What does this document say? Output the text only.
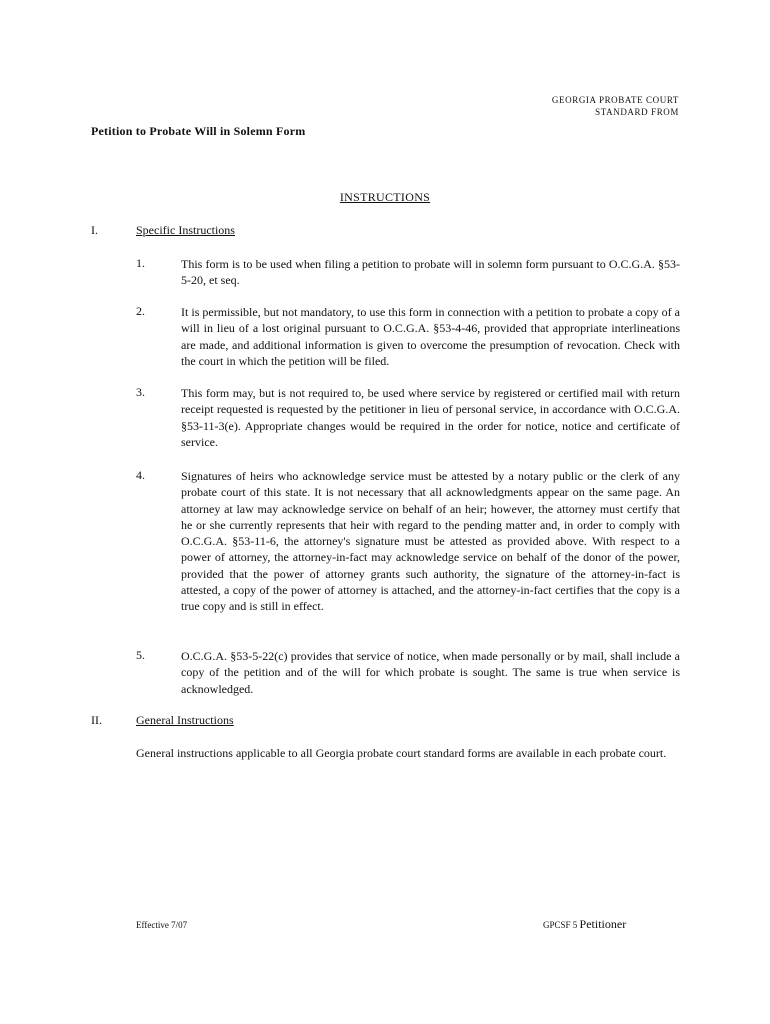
GEORGIA PROBATE COURT
STANDARD FROM
Petition to Probate Will in Solemn Form
INSTRUCTIONS
I.	Specific Instructions
1.	This form is to be used when filing a petition to probate will in solemn form pursuant to O.C.G.A. §53-5-20, et seq.
2.	It is permissible, but not mandatory, to use this form in connection with a petition to probate a copy of a will in lieu of a lost original pursuant to O.C.G.A. §53-4-46, provided that appropriate interlineations are made, and additional information is given to overcome the presumption of revocation. Check with the court in which the petition will be filed.
3.	This form may, but is not required to, be used where service by registered or certified mail with return receipt requested is requested by the petitioner in lieu of personal service, in accordance with O.C.G.A. §53-11-3(e). Appropriate changes would be required in the order for notice, notice and certificate of service.
4.	Signatures of heirs who acknowledge service must be attested by a notary public or the clerk of any probate court of this state. It is not necessary that all acknowledgments appear on the same page. An attorney at law may acknowledge service on behalf of an heir; however, the attorney must certify that he or she currently represents that heir with regard to the pending matter and, in order to comply with O.C.G.A. §53-11-6, the attorney's signature must be attested as provided above. With respect to a power of attorney, the attorney-in-fact may acknowledge service on behalf of the donor of the power, provided that the power of attorney grants such authority, the signature of the attorney-in-fact is attested, a copy of the power of attorney is attached, and the attorney-in-fact certifies that the copy is a true copy and is still in effect.
5.	O.C.G.A. §53-5-22(c) provides that service of notice, when made personally or by mail, shall include a copy of the petition and of the will for which probate is sought. The same is true when service is acknowledged.
II.	General Instructions
General instructions applicable to all Georgia probate court standard forms are available in each probate court.
Effective 7/07	GPCSF 5 Petitioner
